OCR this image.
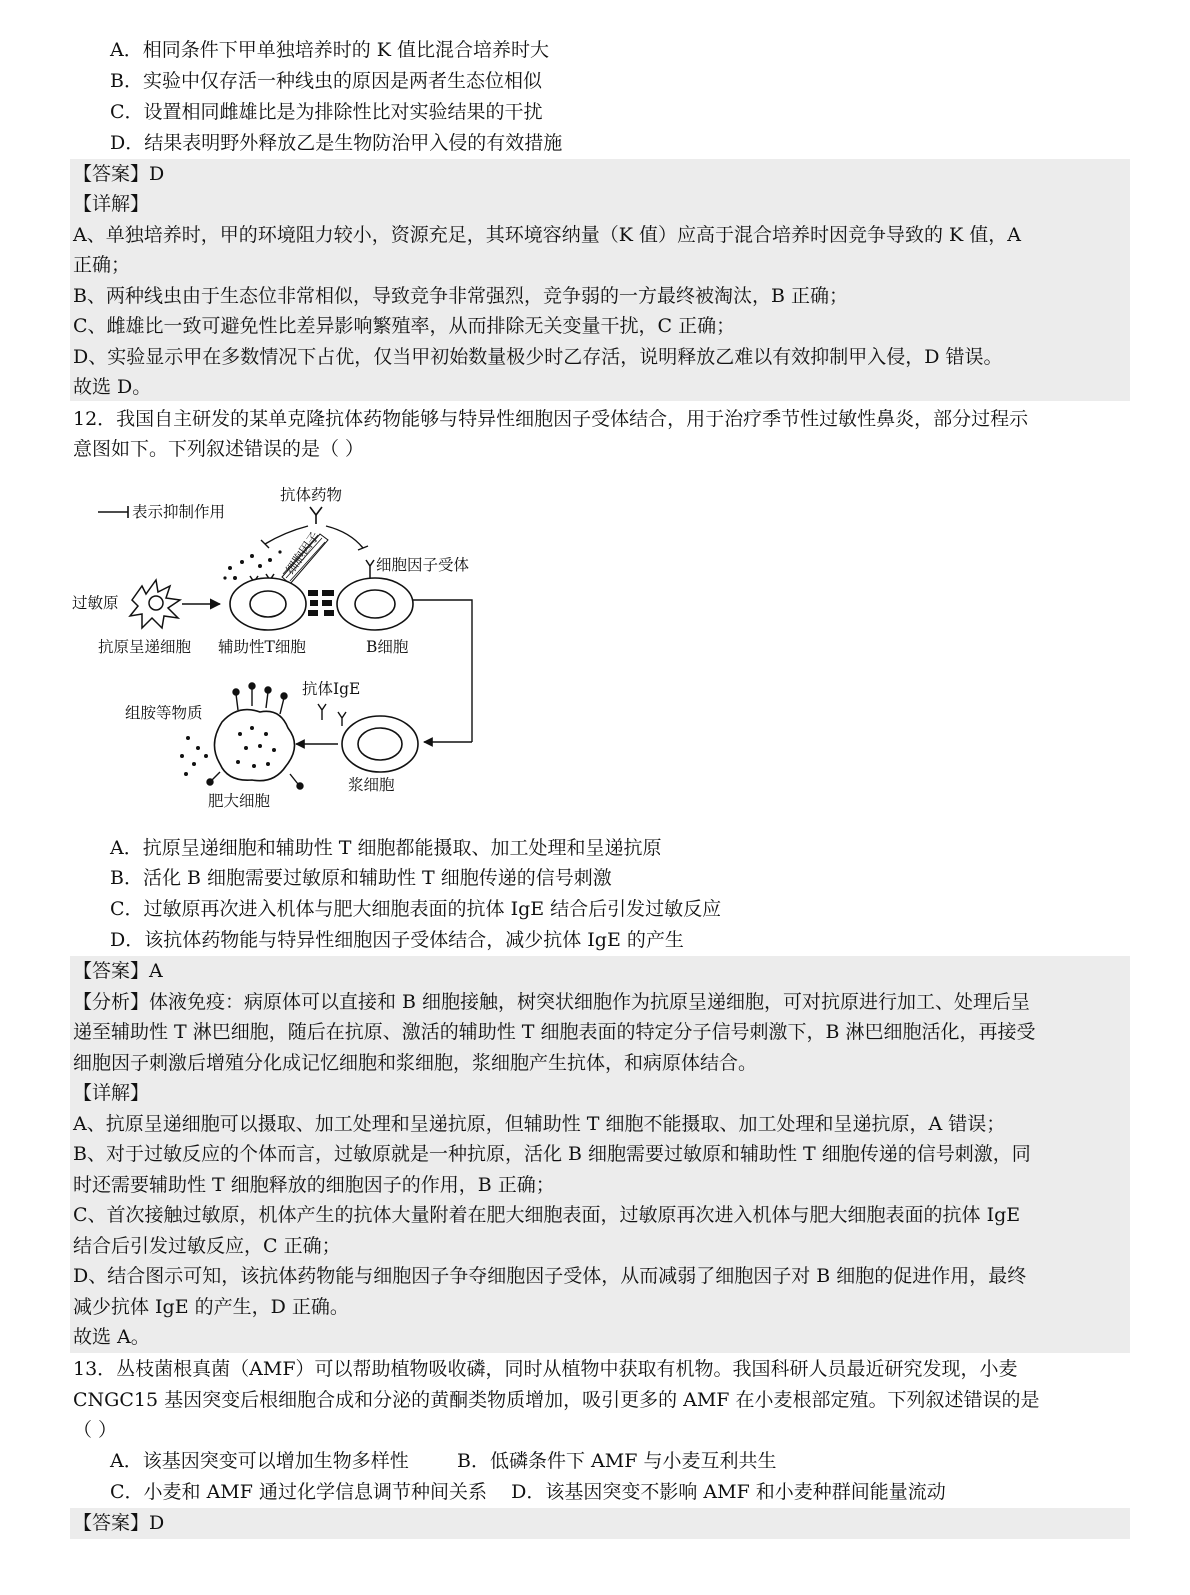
A．相同条件下甲单独培养时的 K 值比混合培养时大
B．实验中仅存活一种线虫的原因是两者生态位相似
C．设置相同雌雄比是为排除性比对实验结果的干扰
D．结果表明野外释放乙是生物防治甲入侵的有效措施
【答案】D
【详解】
A、单独培养时，甲的环境阻力较小，资源充足，其环境容纳量（K 值）应高于混合培养时因竞争导致的 K 值，A
正确；
B、两种线虫由于生态位非常相似，导致竞争非常强烈，竞争弱的一方最终被淘汰，B 正确；
C、雌雄比一致可避免性比差异影响繁殖率，从而排除无关变量干扰，C 正确；
D、实验显示甲在多数情况下占优，仅当甲初始数量极少时乙存活，说明释放乙难以有效抑制甲入侵，D 错误。
故选 D。
12．我国自主研发的某单克隆抗体药物能够与特异性细胞因子受体结合，用于治疗季节性过敏性鼻炎，部分过程示
意图如下。下列叙述错误的是（ ）
表示抑制作用
抗体药物
细胞因子	细胞因子受体
过敏原
抗原呈递细胞 辅助性T细胞	B细胞
抗体IgE
组胺等物质
浆细胞
肥大细胞
A．抗原呈递细胞和辅助性 T 细胞都能摄取、加工处理和呈递抗原
B．活化 B 细胞需要过敏原和辅助性 T 细胞传递的信号刺激
C．过敏原再次进入机体与肥大细胞表面的抗体 IgE 结合后引发过敏反应
D．该抗体药物能与特异性细胞因子受体结合，减少抗体 IgE 的产生
【答案】A
【分析】体液免疫：病原体可以直接和 B 细胞接触，树突状细胞作为抗原呈递细胞，可对抗原进行加工、处理后呈
递至辅助性 T 淋巴细胞，随后在抗原、激活的辅助性 T 细胞表面的特定分子信号刺激下，B 淋巴细胞活化，再接受
细胞因子刺激后增殖分化成记忆细胞和浆细胞，浆细胞产生抗体，和病原体结合。
【详解】
A、抗原呈递细胞可以摄取、加工处理和呈递抗原，但辅助性 T 细胞不能摄取、加工处理和呈递抗原，A 错误；
B、对于过敏反应的个体而言，过敏原就是一种抗原，活化 B 细胞需要过敏原和辅助性 T 细胞传递的信号刺激，同
时还需要辅助性 T 细胞释放的细胞因子的作用，B 正确；
C、首次接触过敏原，机体产生的抗体大量附着在肥大细胞表面，过敏原再次进入机体与肥大细胞表面的抗体 IgE
结合后引发过敏反应，C 正确；
D、结合图示可知，该抗体药物能与细胞因子争夺细胞因子受体，从而减弱了细胞因子对 B 细胞的促进作用，最终
减少抗体 IgE 的产生，D 正确。
故选 A。
13．丛枝菌根真菌（AMF）可以帮助植物吸收磷，同时从植物中获取有机物。我国科研人员最近研究发现，小麦
CNGC15 基因突变后根细胞合成和分泌的黄酮类物质增加，吸引更多的 AMF 在小麦根部定殖。下列叙述错误的是
（ ）
A．该基因突变可以增加生物多样性        B．低磷条件下 AMF 与小麦互利共生
C．小麦和 AMF 通过化学信息调节种间关系    D．该基因突变不影响 AMF 和小麦种群间能量流动
【答案】D
